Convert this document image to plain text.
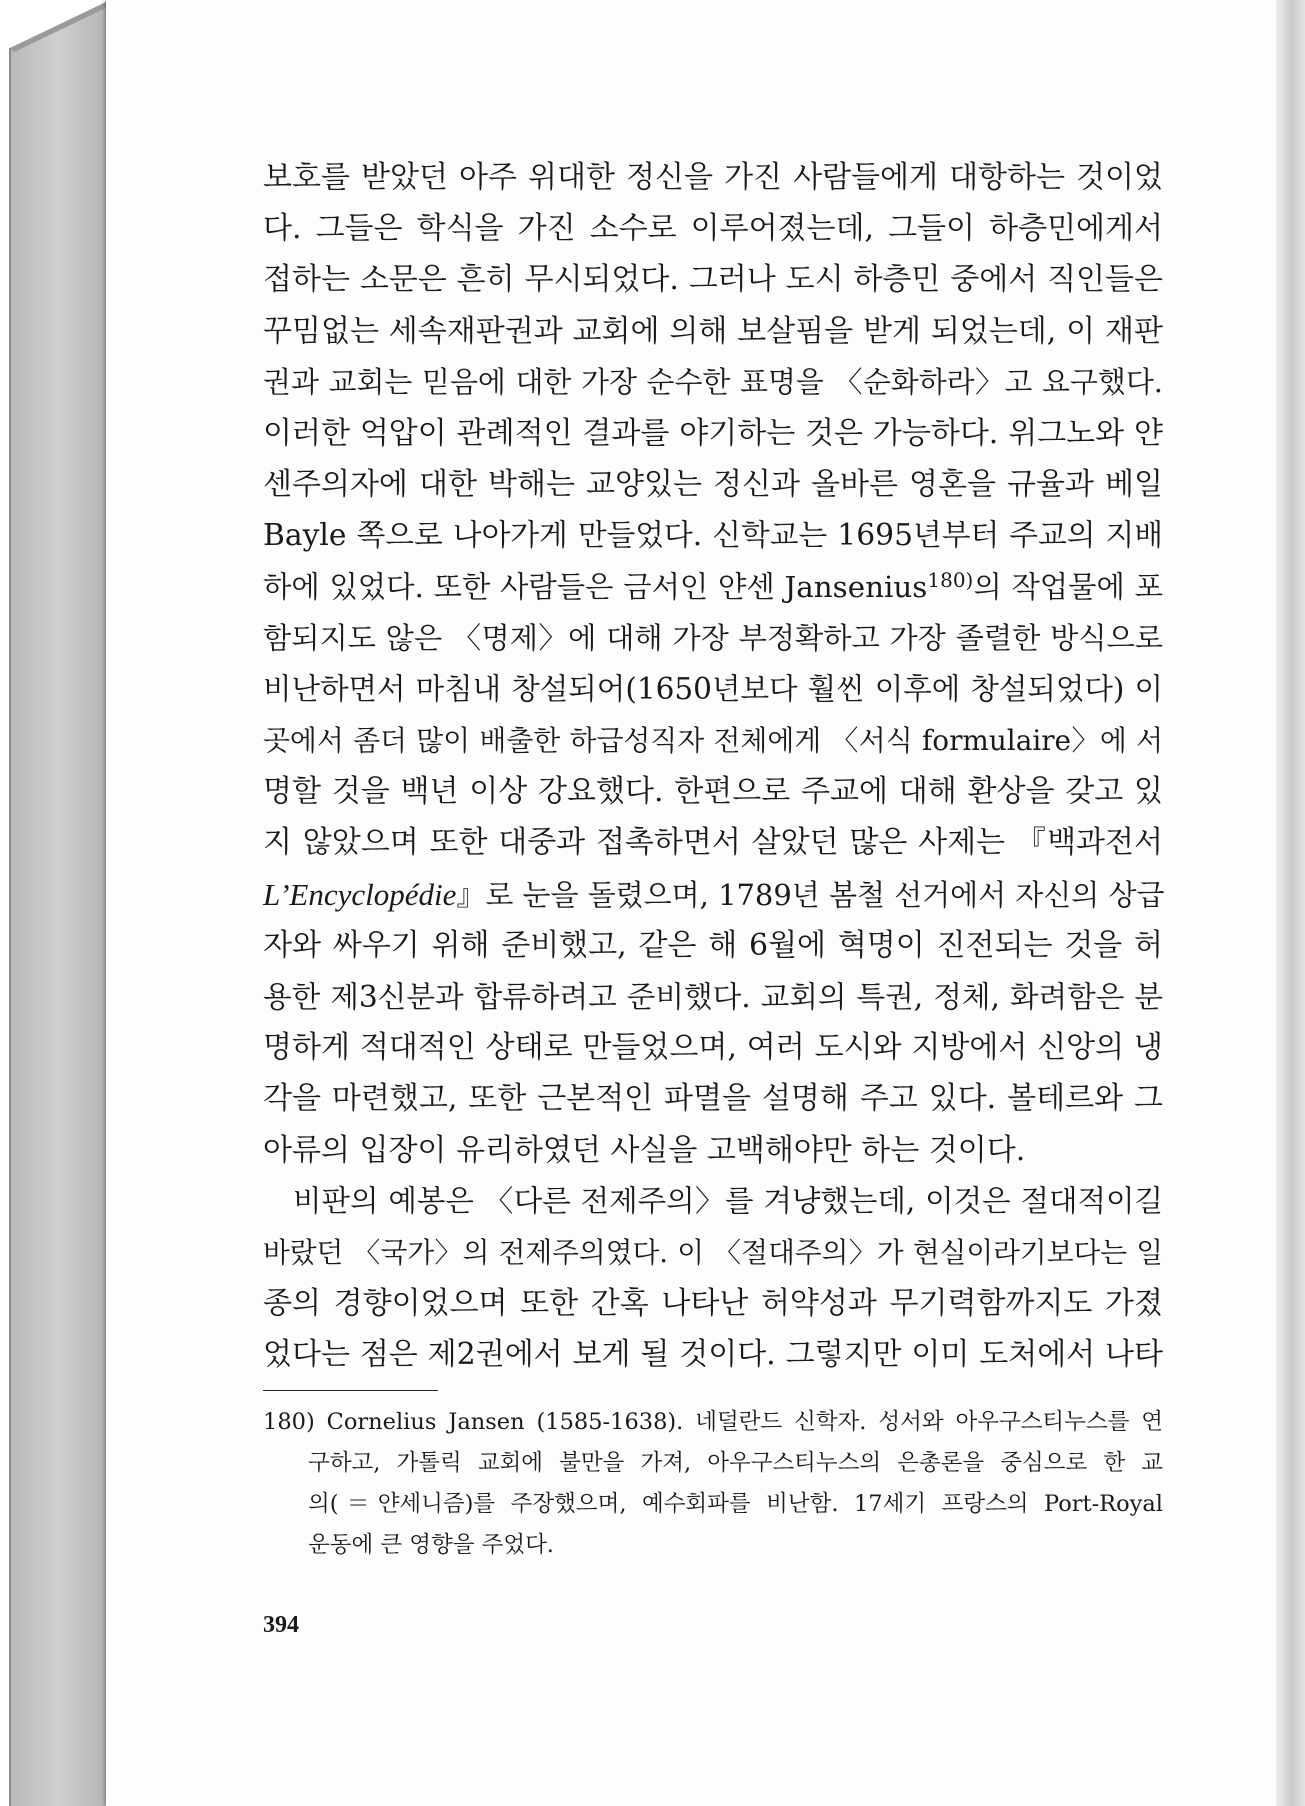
보호를 받았던 아주 위대한 정신을 가진 사람들에게 대항하는 것이었
다. 그들은 학식을 가진 소수로 이루어졌는데, 그들이 하층민에게서
접하는 소문은 흔히 무시되었다. 그러나 도시 하층민 중에서 직인들은
꾸밈없는 세속재판권과 교회에 의해 보살핌을 받게 되었는데, 이 재판
권과 교회는 믿음에 대한 가장 순수한 표명을 〈순화하라〉고 요구했다.
이러한 억압이 관례적인 결과를 야기하는 것은 가능하다. 위그노와 얀
센주의자에 대한 박해는 교양있는 정신과 올바른 영혼을 규율과 베일
Bayle 쪽으로 나아가게 만들었다. 신학교는 1695년부터 주교의 지배
하에 있었다. 또한 사람들은 금서인 얀센 Jansenius$^{180)}$의 작업물에 포
함되지도 않은 〈명제〉에 대해 가장 부정확하고 가장 졸렬한 방식으로
비난하면서 마침내 창설되어(1650년보다 훨씬 이후에 창설되었다) 이
곳에서 좀더 많이 배출한 하급성직자 전체에게 〈서식 formulaire〉에 서
명할 것을 백년 이상 강요했다. 한편으로 주교에 대해 환상을 갖고 있
지 않았으며 또한 대중과 접촉하면서 살았던 많은 사제는 『백과전서
L’Encyclopédie』로 눈을 돌렸으며, 1789년 봄철 선거에서 자신의 상급
자와 싸우기 위해 준비했고, 같은 해 6월에 혁명이 진전되는 것을 허
용한 제3신분과 합류하려고 준비했다. 교회의 특권, 정체, 화려함은 분
명하게 적대적인 상태로 만들었으며, 여러 도시와 지방에서 신앙의 냉
각을 마련했고, 또한 근본적인 파멸을 설명해 주고 있다. 볼테르와 그
아류의 입장이 유리하였던 사실을 고백해야만 하는 것이다.
비판의 예봉은 〈다른 전제주의〉를 겨냥했는데, 이것은 절대적이길
바랐던 〈국가〉의 전제주의였다. 이 〈절대주의〉가 현실이라기보다는 일
종의 경향이었으며 또한 간혹 나타난 허약성과 무기력함까지도 가졌
었다는 점은 제2권에서 보게 될 것이다. 그렇지만 이미 도처에서 나타
180) Cornelius Jansen (1585-1638). 네덜란드 신학자. 성서와 아우구스티누스를 연
구하고, 가톨릭 교회에 불만을 가져, 아우구스티누스의 은총론을 중심으로 한 교
의(＝얀세니즘)를 주장했으며, 예수회파를 비난함. 17세기 프랑스의 Port-Royal
운동에 큰 영향을 주었다.
394
